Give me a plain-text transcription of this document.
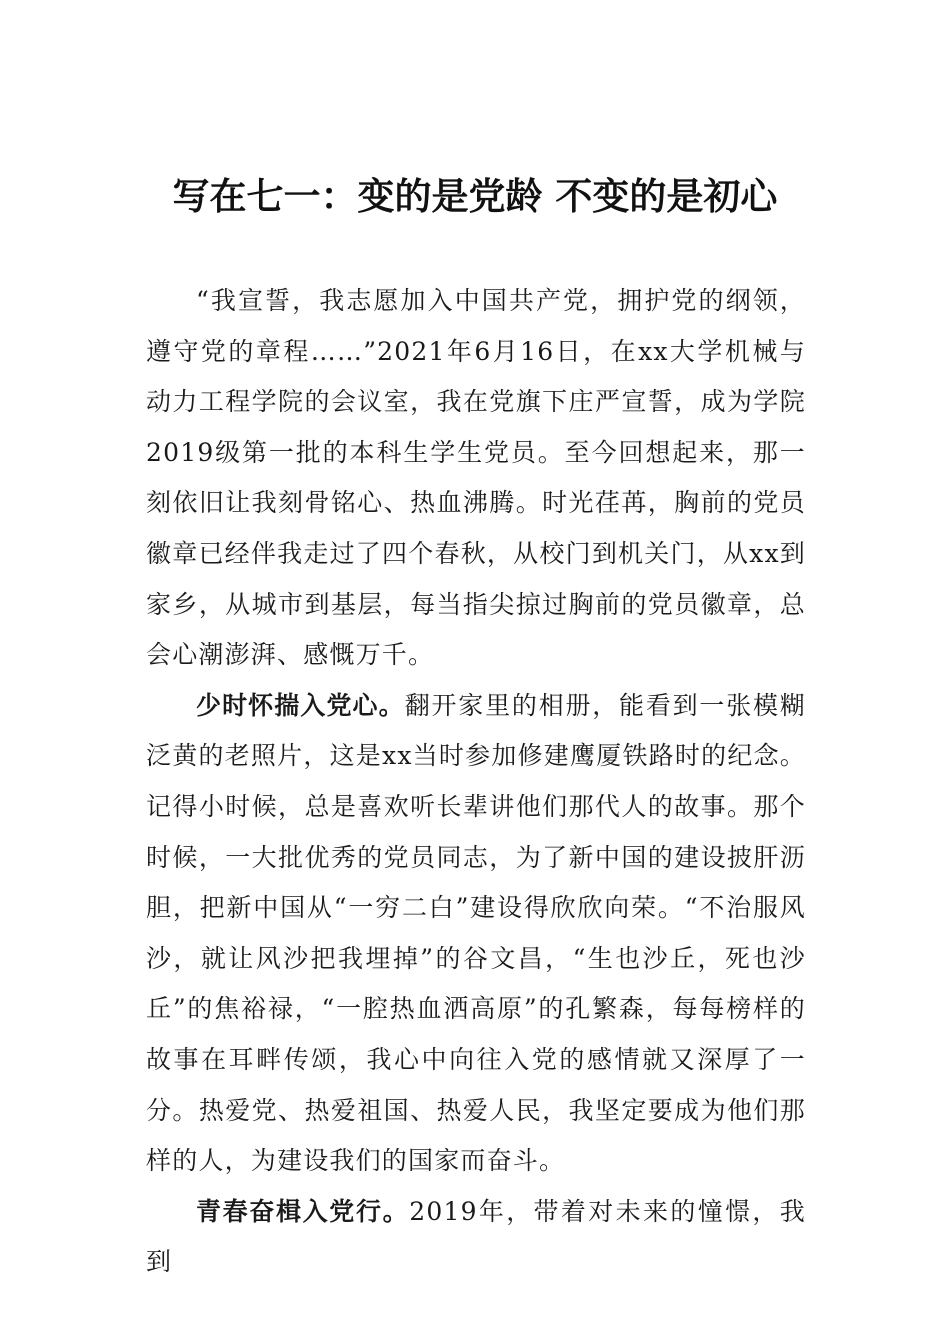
写在七一：变的是党龄 不变的是初心

“我宣誓，我志愿加入中国共产党，拥护党的纲领，遵守党的章程……”2021年6月16日，在xx大学机械与动力工程学院的会议室，我在党旗下庄严宣誓，成为学院2019级第一批的本科生学生党员。至今回想起来，那一刻依旧让我刻骨铭心、热血沸腾。时光荏苒，胸前的党员徽章已经伴我走过了四个春秋，从校门到机关门，从xx到家乡，从城市到基层，每当指尖掠过胸前的党员徽章，总会心潮澎湃、感慨万千。

少时怀揣入党心。翻开家里的相册，能看到一张模糊泛黄的老照片，这是xx当时参加修建鹰厦铁路时的纪念。记得小时候，总是喜欢听长辈讲他们那代人的故事。那个时候，一大批优秀的党员同志，为了新中国的建设披肝沥胆，把新中国从“一穷二白”建设得欣欣向荣。“不治服风沙，就让风沙把我埋掉”的谷文昌，“生也沙丘，死也沙丘”的焦裕禄，“一腔热血洒高原”的孔繁森，每每榜样的故事在耳畔传颂，我心中向往入党的感情就又深厚了一分。热爱党、热爱祖国、热爱人民，我坚定要成为他们那样的人，为建设我们的国家而奋斗。

青春奋楫入党行。2019年，带着对未来的憧憬，我到
